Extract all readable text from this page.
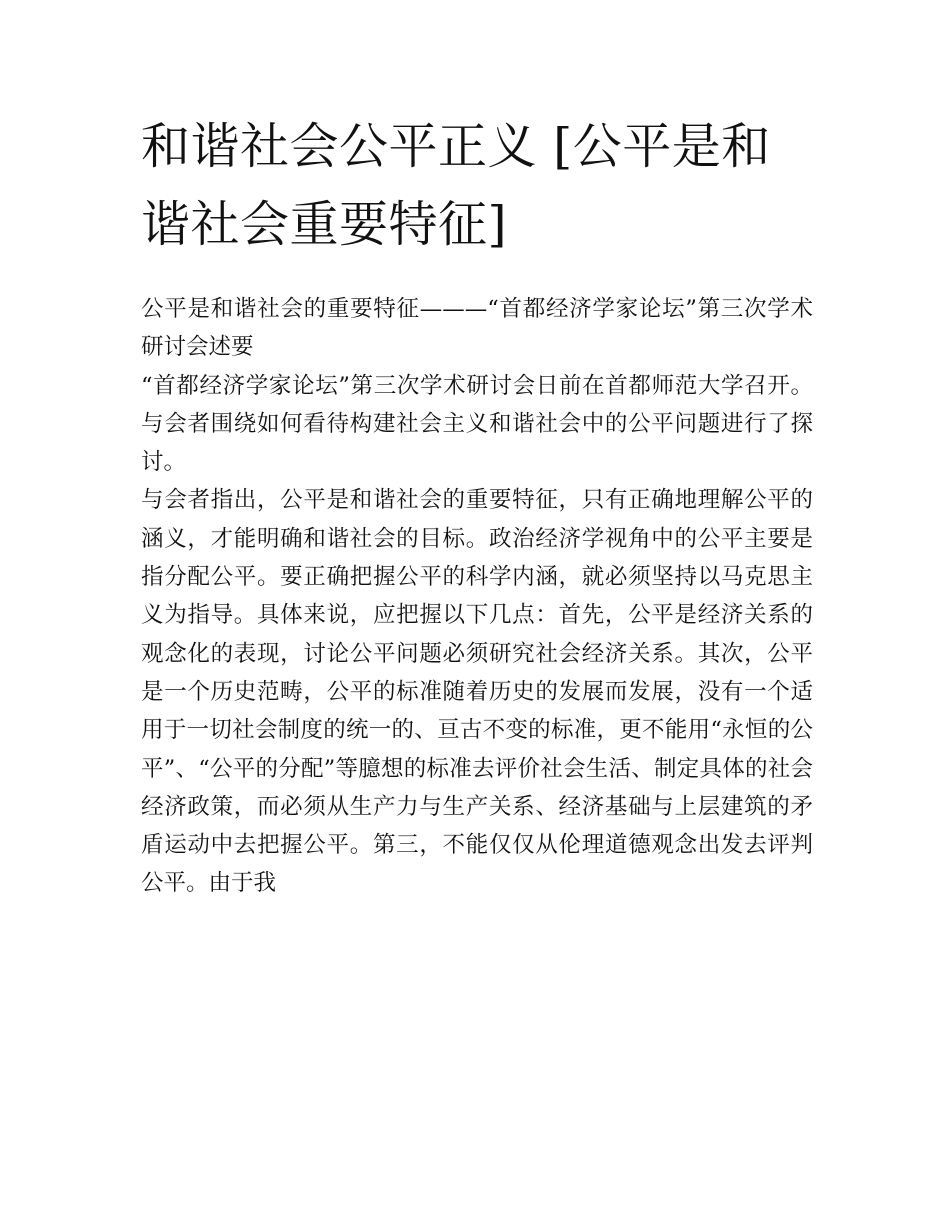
和谐社会公平正义 [公平是和谐社会重要特征]

公平是和谐社会的重要特征———“首都经济学家论坛”第三次学术研讨会述要

“首都经济学家论坛”第三次学术研讨会日前在首都师范大学召开。与会者围绕如何看待构建社会主义和谐社会中的公平问题进行了探讨。

与会者指出，公平是和谐社会的重要特征，只有正确地理解公平的涵义，才能明确和谐社会的目标。政治经济学视角中的公平主要是指分配公平。要正确把握公平的科学内涵，就必须坚持以马克思主义为指导。具体来说，应把握以下几点：首先，公平是经济关系的观念化的表现，讨论公平问题必须研究社会经济关系。其次，公平是一个历史范畴，公平的标准随着历史的发展而发展，没有一个适用于一切社会制度的统一的、亘古不变的标准，更不能用“永恒的公平”、“公平的分配”等臆想的标准去评价社会生活、制定具体的社会经济政策，而必须从生产力与生产关系、经济基础与上层建筑的矛盾运动中去把握公平。第三，不能仅仅从伦理道德观念出发去评判公平。由于我
